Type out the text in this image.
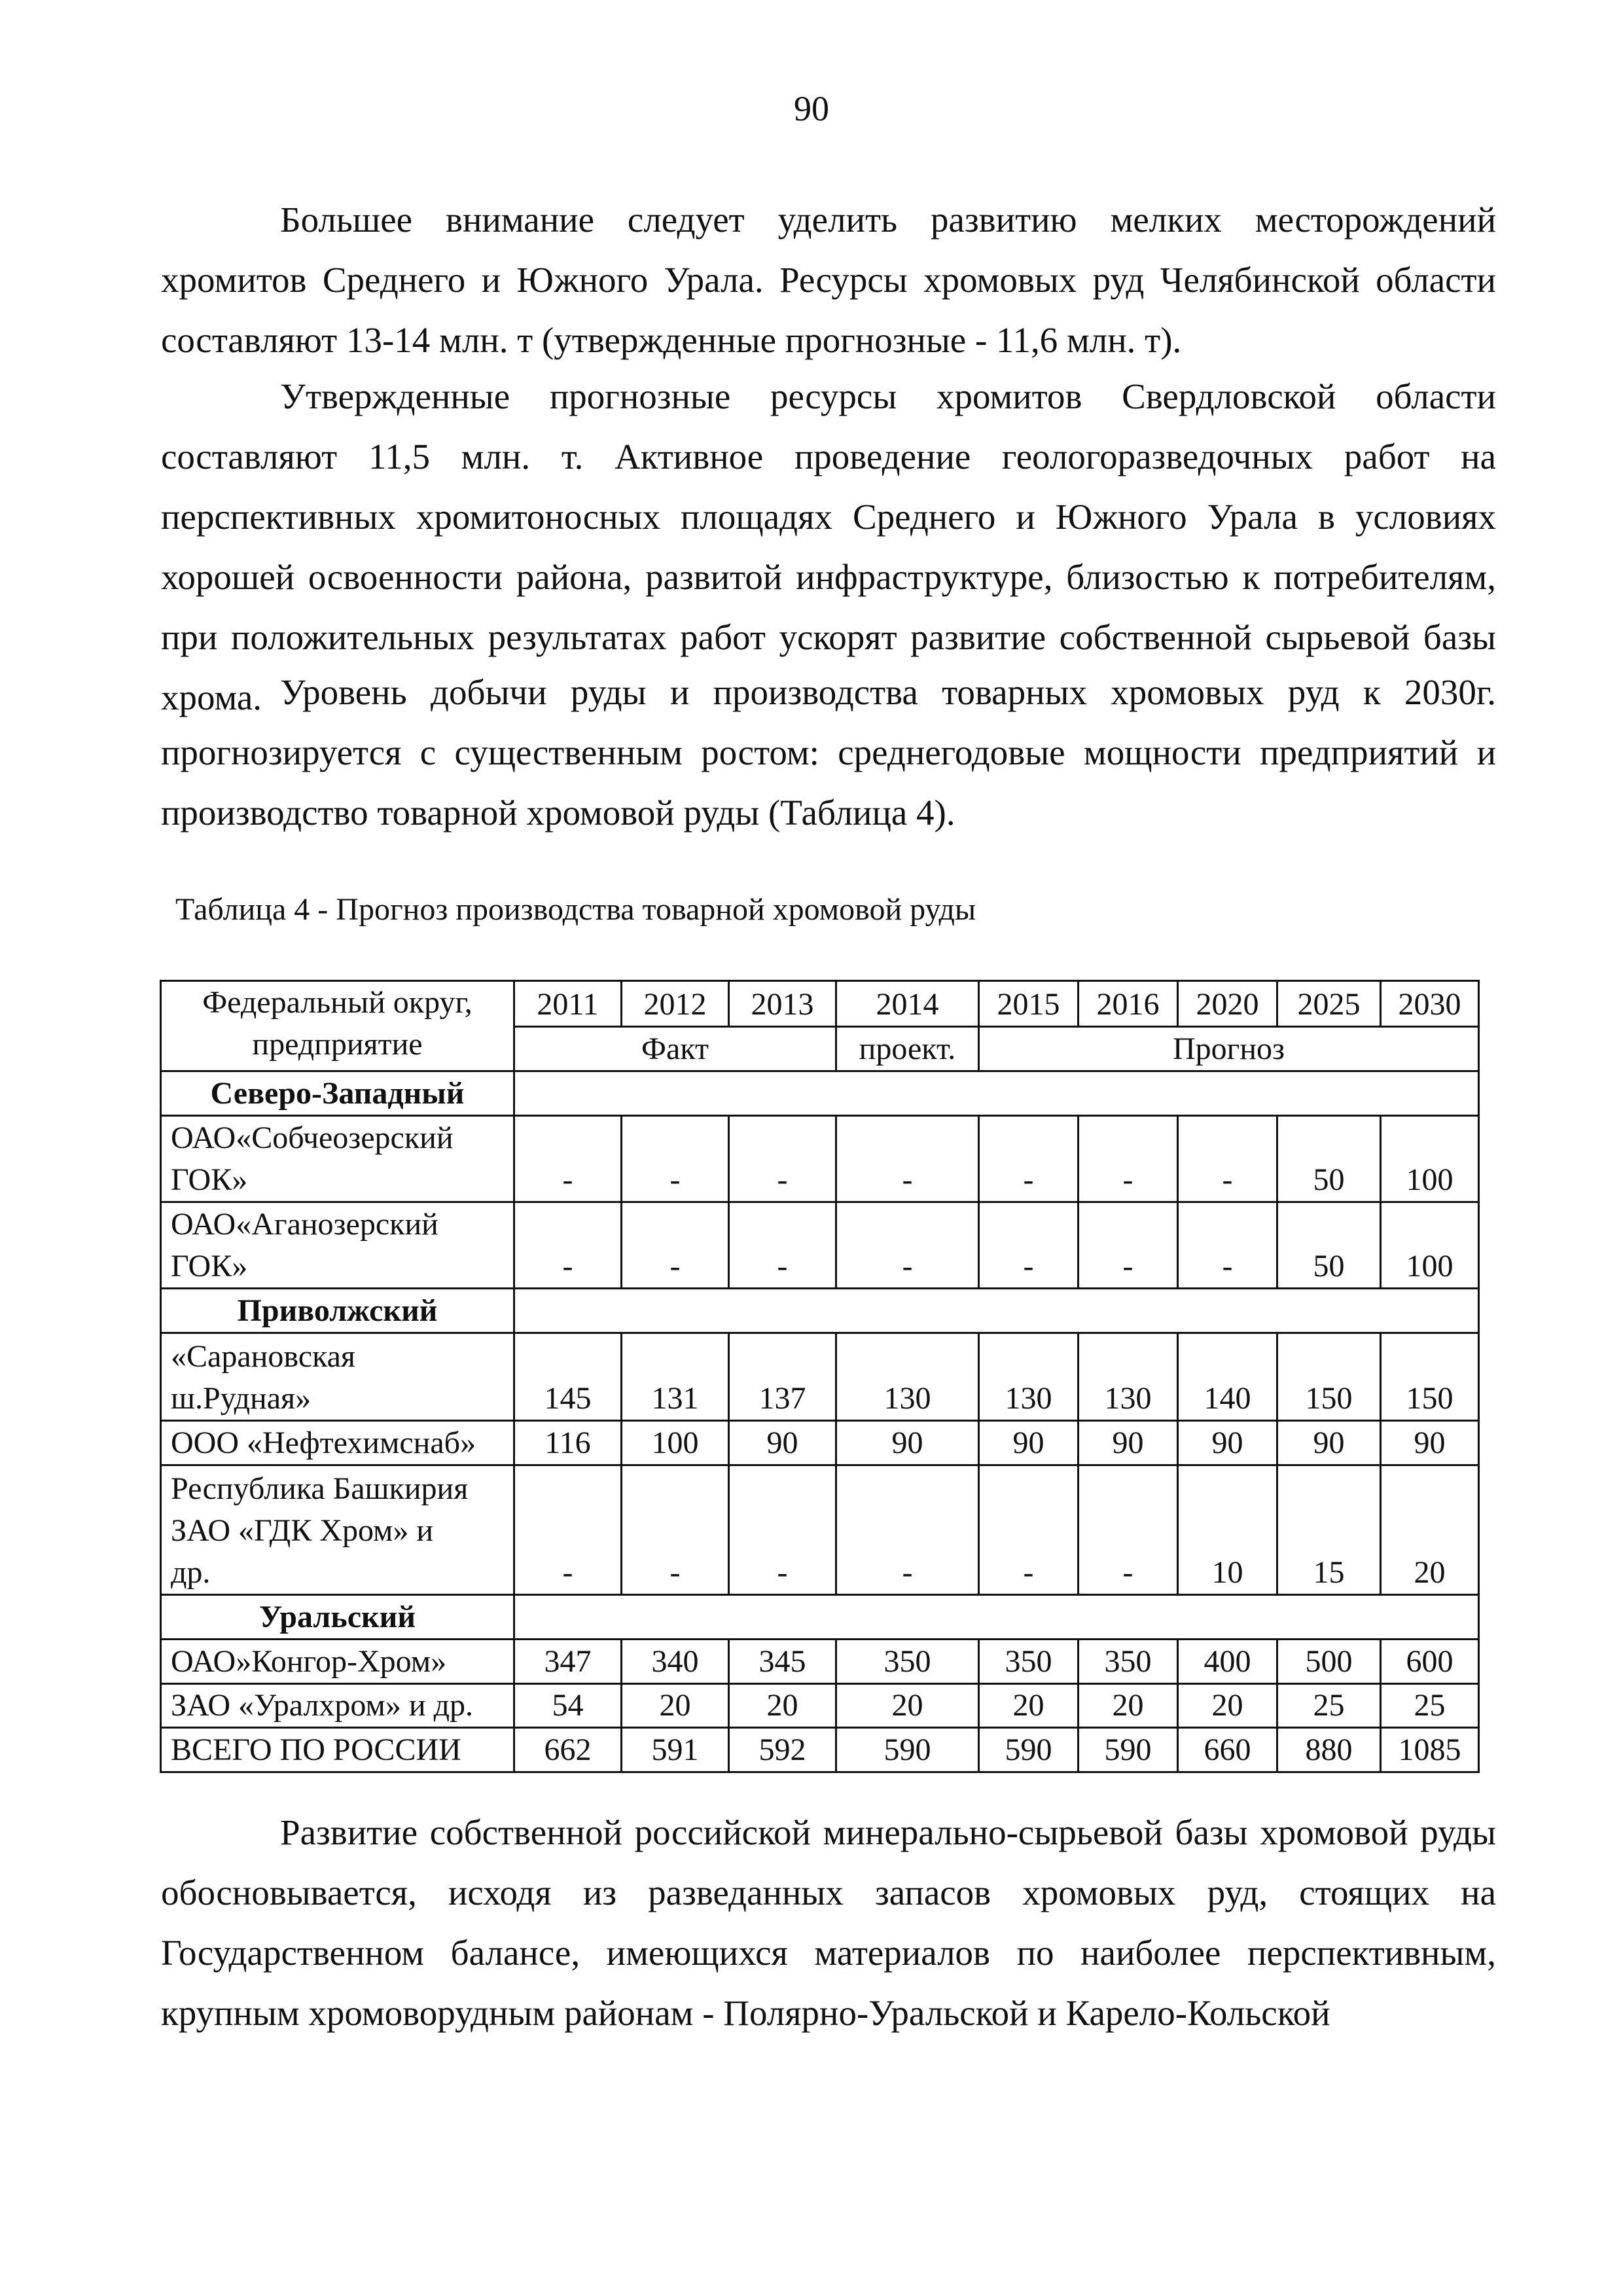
90

Большее внимание следует уделить развитию мелких месторождений хромитов Среднего и Южного Урала. Ресурсы хромовых руд Челябинской области составляют 13-14 млн. т (утвержденные прогнозные - 11,6 млн. т).

Утвержденные прогнозные ресурсы хромитов Свердловской области составляют 11,5 млн. т. Активное проведение геологоразведочных работ на перспективных хромитоносных площадях Среднего и Южного Урала в условиях хорошей освоенности района, развитой инфраструктуре, близостью к потребителям, при положительных результатах работ ускорят развитие собственной сырьевой базы хрома. Уровень добычи руды и производства товарных хромовых руд к 2030г. прогнозируется с существенным ростом: среднегодовые мощности предприятий и производство товарной хромовой руды (Таблица 4).

Таблица 4 - Прогноз производства товарной хромовой руды
Федеральный округ,
предприятие	2011	2012	2013	2014	2015	2016	2020	2025	2030
	Факт			проект.	Прогноз				
Северо-Западный									

ОАО«Собчеозерский
ГОК»	-	-	-	-	-	-	-	50	100

ОАО«Аганозерский
ГОК»	-	-	-	-	-	-	-	50	100
Приволжский									

«Сарановская
ш.Рудная»	145	131	137	130	130	130	140	150	150
ООО «Нефтехимснаб»	116	100	90	90	90	90	90	90	90

Республика Башкирия
ЗАО «ГДК Хром» и
др.	-	-	-	-	-	-	10	15	20
Уральский									
ОАО»Конгор-Хром»	347	340	345	350	350	350	400	500	600
ЗАО «Уралхром» и др.	54	20	20	20	20	20	20	25	25
ВСЕГО ПО РОССИИ	662	591	592	590	590	590	660	880	1085

Развитие собственной российской минерально-сырьевой базы хромовой руды обосновывается, исходя из разведанных запасов хромовых руд, стоящих на Государственном балансе, имеющихся материалов по наиболее перспективным, крупным хромоворудным районам - Полярно-Уральской и Карело-Кольской
